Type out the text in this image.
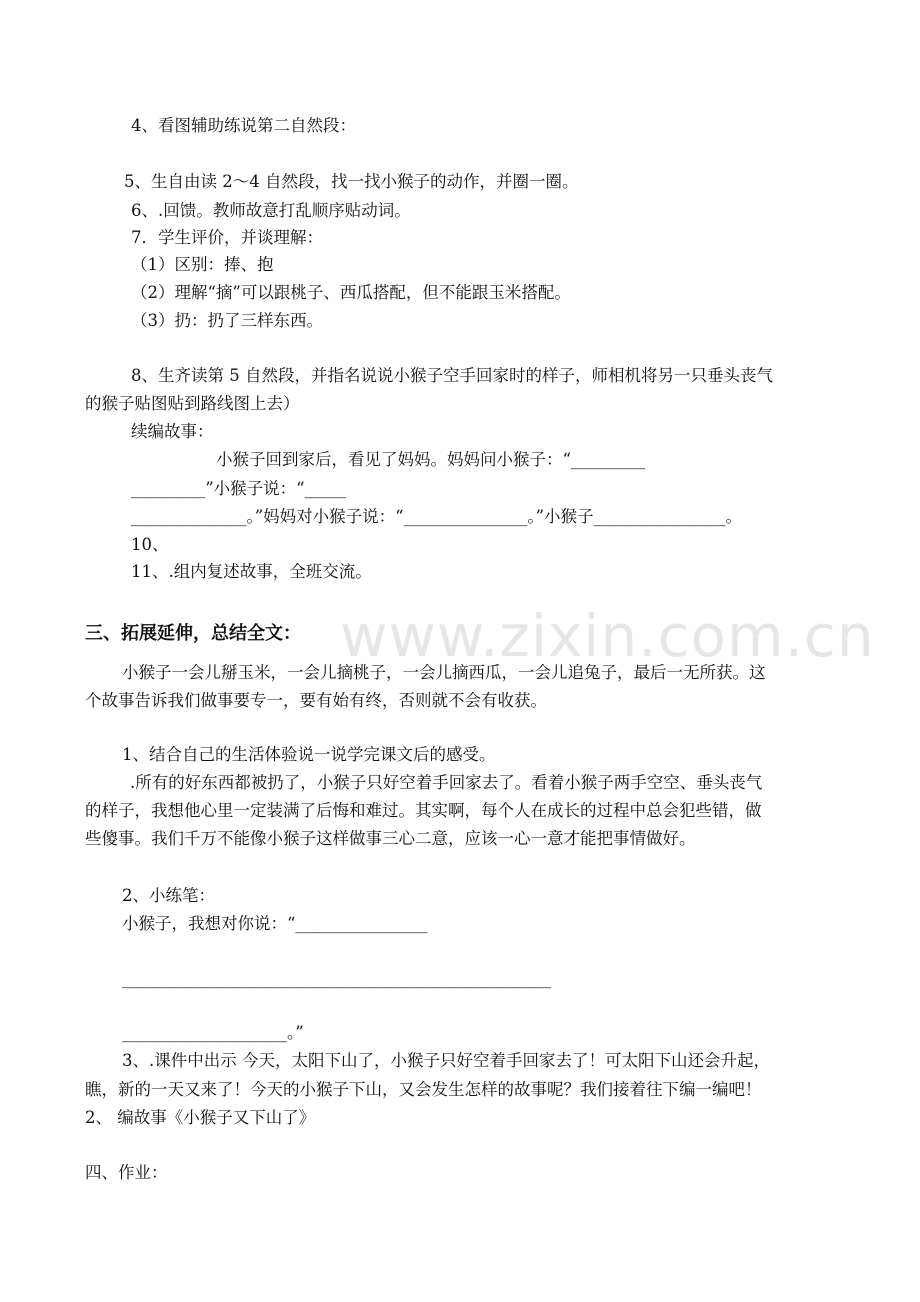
www.zixin.com.cn
4、看图辅助练说第二自然段：
5、生自由读 2～4 自然段，找一找小猴子的动作，并圈一圈。
6、.回馈。教师故意打乱顺序贴动词。
7．学生评价，并谈理解：
（1）区别：捧、抱
（2）理解“摘”可以跟桃子、西瓜搭配，但不能跟玉米搭配。
（3）扔：扔了三样东西。
8、生齐读第 5 自然段，并指名说说小猴子空手回家时的样子，师相机将另一只垂头丧气
的猴子贴图贴到路线图上去）
续编故事：
小猴子回到家后，看见了妈妈。妈妈问小猴子：“_________
_________”小猴子说：“_____
______________。”妈妈对小猴子说：“_______________。”小猴子________________。
10、
11、.组内复述故事，全班交流。
三、拓展延伸，总结全文：
小猴子一会儿掰玉米，一会儿摘桃子，一会儿摘西瓜，一会儿追兔子，最后一无所获。这
个故事告诉我们做事要专一，要有始有终，否则就不会有收获。
1、结合自己的生活体验说一说学完课文后的感受。
.所有的好东西都被扔了，小猴子只好空着手回家去了。看着小猴子两手空空、垂头丧气
的样子，我想他心里一定装满了后悔和难过。其实啊，每个人在成长的过程中总会犯些错，做
些傻事。我们千万不能像小猴子这样做事三心二意，应该一心一意才能把事情做好。
2、小练笔：
小猴子，我想对你说：“________________
____________________________________________________
____________________。”
3、.课件中出示 今天，太阳下山了，小猴子只好空着手回家去了！可太阳下山还会升起，
瞧，新的一天又来了！今天的小猴子下山，又会发生怎样的故事呢？我们接着往下编一编吧！
2、 编故事《小猴子又下山了》
四、作业：
